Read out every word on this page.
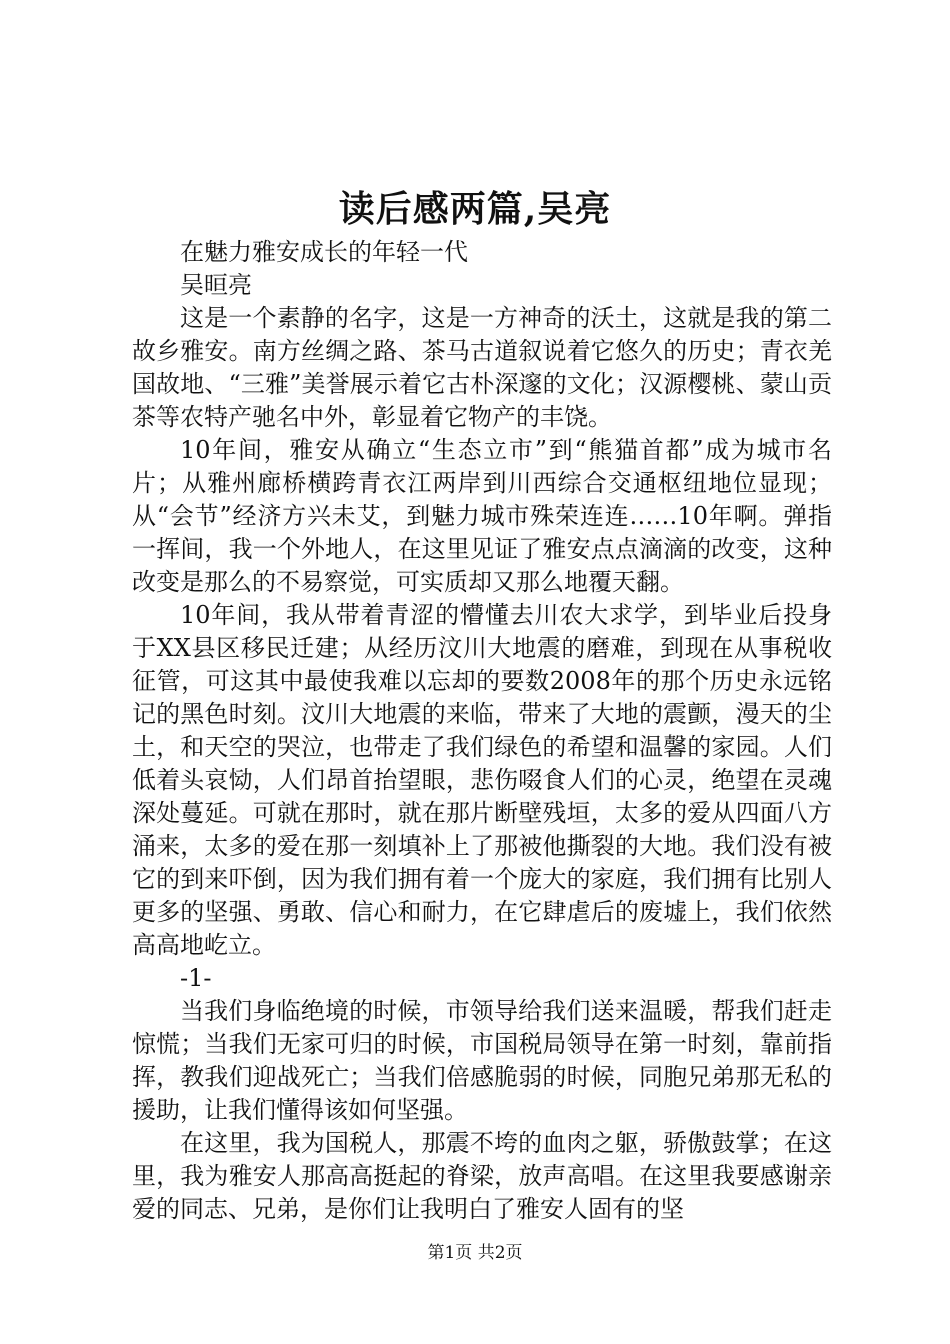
读后感两篇,吴亮

在魅力雅安成长的年轻一代

吴晅亮

这是一个素静的名字，这是一方神奇的沃土，这就是我的第二故乡雅安。南方丝绸之路、茶马古道叙说着它悠久的历史；青衣羌国故地、“三雅”美誉展示着它古朴深邃的文化；汉源樱桃、蒙山贡茶等农特产驰名中外，彰显着它物产的丰饶。

10年间，雅安从确立“生态立市”到“熊猫首都”成为城市名片；从雅州廊桥横跨青衣江两岸到川西综合交通枢纽地位显现；从“会节”经济方兴未艾，到魅力城市殊荣连连……10年啊。弹指一挥间，我一个外地人，在这里见证了雅安点点滴滴的改变，这种改变是那么的不易察觉，可实质却又那么地覆天翻。

10年间，我从带着青涩的懵懂去川农大求学，到毕业后投身于XX县区移民迁建；从经历汶川大地震的磨难，到现在从事税收征管，可这其中最使我难以忘却的要数2008年的那个历史永远铭记的黑色时刻。汶川大地震的来临，带来了大地的震颤，漫天的尘土，和天空的哭泣，也带走了我们绿色的希望和温馨的家园。人们低着头哀恸，人们昂首抬望眼，悲伤啜食人们的心灵，绝望在灵魂深处蔓延。可就在那时，就在那片断壁残垣，太多的爱从四面八方涌来，太多的爱在那一刻填补上了那被他撕裂的大地。我们没有被它的到来吓倒，因为我们拥有着一个庞大的家庭，我们拥有比别人更多的坚强、勇敢、信心和耐力，在它肆虐后的废墟上，我们依然高高地屹立。

-1-

当我们身临绝境的时候，市领导给我们送来温暖，帮我们赶走惊慌；当我们无家可归的时候，市国税局领导在第一时刻，靠前指挥，教我们迎战死亡；当我们倍感脆弱的时候，同胞兄弟那无私的援助，让我们懂得该如何坚强。

在这里，我为国税人，那震不垮的血肉之躯，骄傲鼓掌；在这里，我为雅安人那高高挺起的脊梁，放声高唱。在这里我要感谢亲爱的同志、兄弟，是你们让我明白了雅安人固有的坚

第1页 共2页
